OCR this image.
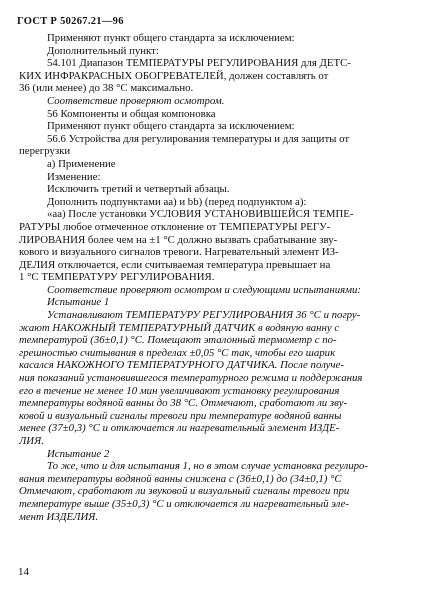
ГОСТ Р 50267.21—96
Применяют пункт общего стандарта за исключением:
Дополнительный пункт:
54.101 Диапазон ТЕМПЕРАТУРЫ РЕГУЛИРОВАНИЯ для ДЕТС-
КИХ ИНФРАКРАСНЫХ ОБОГРЕВАТЕЛЕЙ, должен составлять от
36 (или менее) до 38 °С максимально.
Соответствие проверяют осмотром.
56 Компоненты и общая компоновка
Применяют пункт общего стандарта за исключением:
56.6 Устройства для регулирования температуры и для защиты от
перегрузки
а) Применение
Изменение:
Исключить третий и четвертый абзацы.
Дополнить подпунктами аа) и bb) (перед подпунктом а):
«аа) После установки УСЛОВИЯ УСТАНОВИВШЕЙСЯ ТЕМПЕ-
РАТУРЫ любое отмеченное отклонение от ТЕМПЕРАТУРЫ РЕГУ-
ЛИРОВАНИЯ более чем на ±1 °С должно вызвать срабатывание зву-
кового и визуального сигналов тревоги. Нагревательный элемент ИЗ-
ДЕЛИЯ отключается, если считываемая температура превышает на
1 °С ТЕМПЕРАТУРУ РЕГУЛИРОВАНИЯ.
Соответствие проверяют осмотром и следующими испытаниями:
Испытание 1
Устанавливают ТЕМПЕРАТУРУ РЕГУЛИРОВАНИЯ 36 °С и погру-
жают НАКОЖНЫЙ ТЕМПЕРАТУРНЫЙ ДАТЧИК в водяную ванну с
температурой (36±0,1) °С. Помещают эталонный термометр с по-
грешностью считывания в пределах ±0,05 °С так, чтобы его шарик
касался НАКОЖНОГО ТЕМПЕРАТУРНОГО ДАТЧИКА. После получе-
ния показаний установившегося температурного режима и поддержания
его в течение не менее 10 мин увеличивают установку регулирования
температуры водяной ванны до 38 °С. Отмечают, сработают ли зву-
ковой и визуальный сигналы тревоги при температуре водяной ванны
менее (37±0,3) °С и отключается ли нагревательный элемент ИЗДЕ-
ЛИЯ.
Испытание 2
То же, что и для испытания 1, но в этом случае установка регулиро-
вания температуры водяной ванны снижена с (36±0,1) до (34±0,1) °С
Отмечают, сработают ли звуковой и визуальный сигналы тревоги при
температуре выше (35±0,3) °С и отключается ли нагревательный эле-
мент ИЗДЕЛИЯ.
14
